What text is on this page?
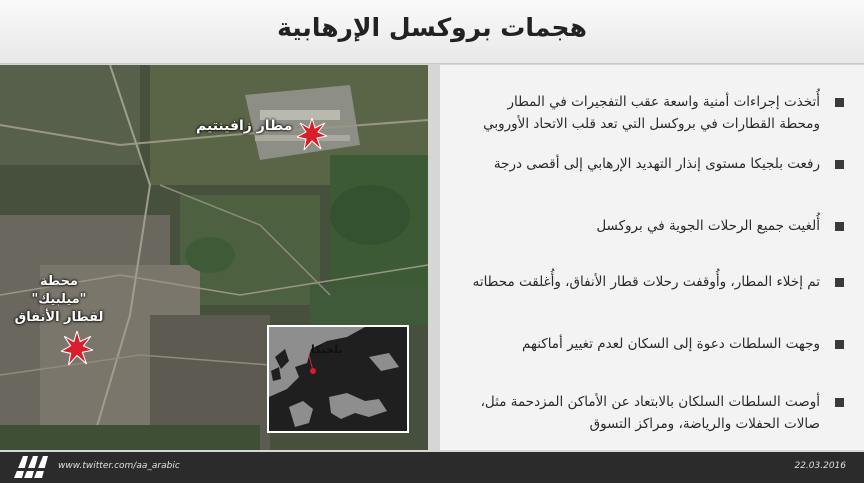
هجمات بروكسل الإرهابية
مطار زافينتيم
محطة "ميلبيك" لقطار الأنفاق
بلجيكا
أُتخذت إجراءات أمنية واسعة عقب التفجيرات في المطار ومحطة القطارات في بروكسل التي تعد قلب الاتحاد الأوروبي
رفعت بلجيكا مستوى إنذار التهديد الإرهابي إلى أقصى درجة
أُلغيت جميع الرحلات الجوية في بروكسل
تم إخلاء المطار، وأُوقفت رحلات قطار الأنفاق، وأُغلقت محطاته
وجهت السلطات دعوة إلى السكان لعدم تغيير أماكنهم
أوصت السلطات السلكان بالابتعاد عن الأماكن المزدحمة مثل، صالات الحفلات والرياضة، ومراكز التسوق
www.twitter.com/aa_arabic	22.03.2016
